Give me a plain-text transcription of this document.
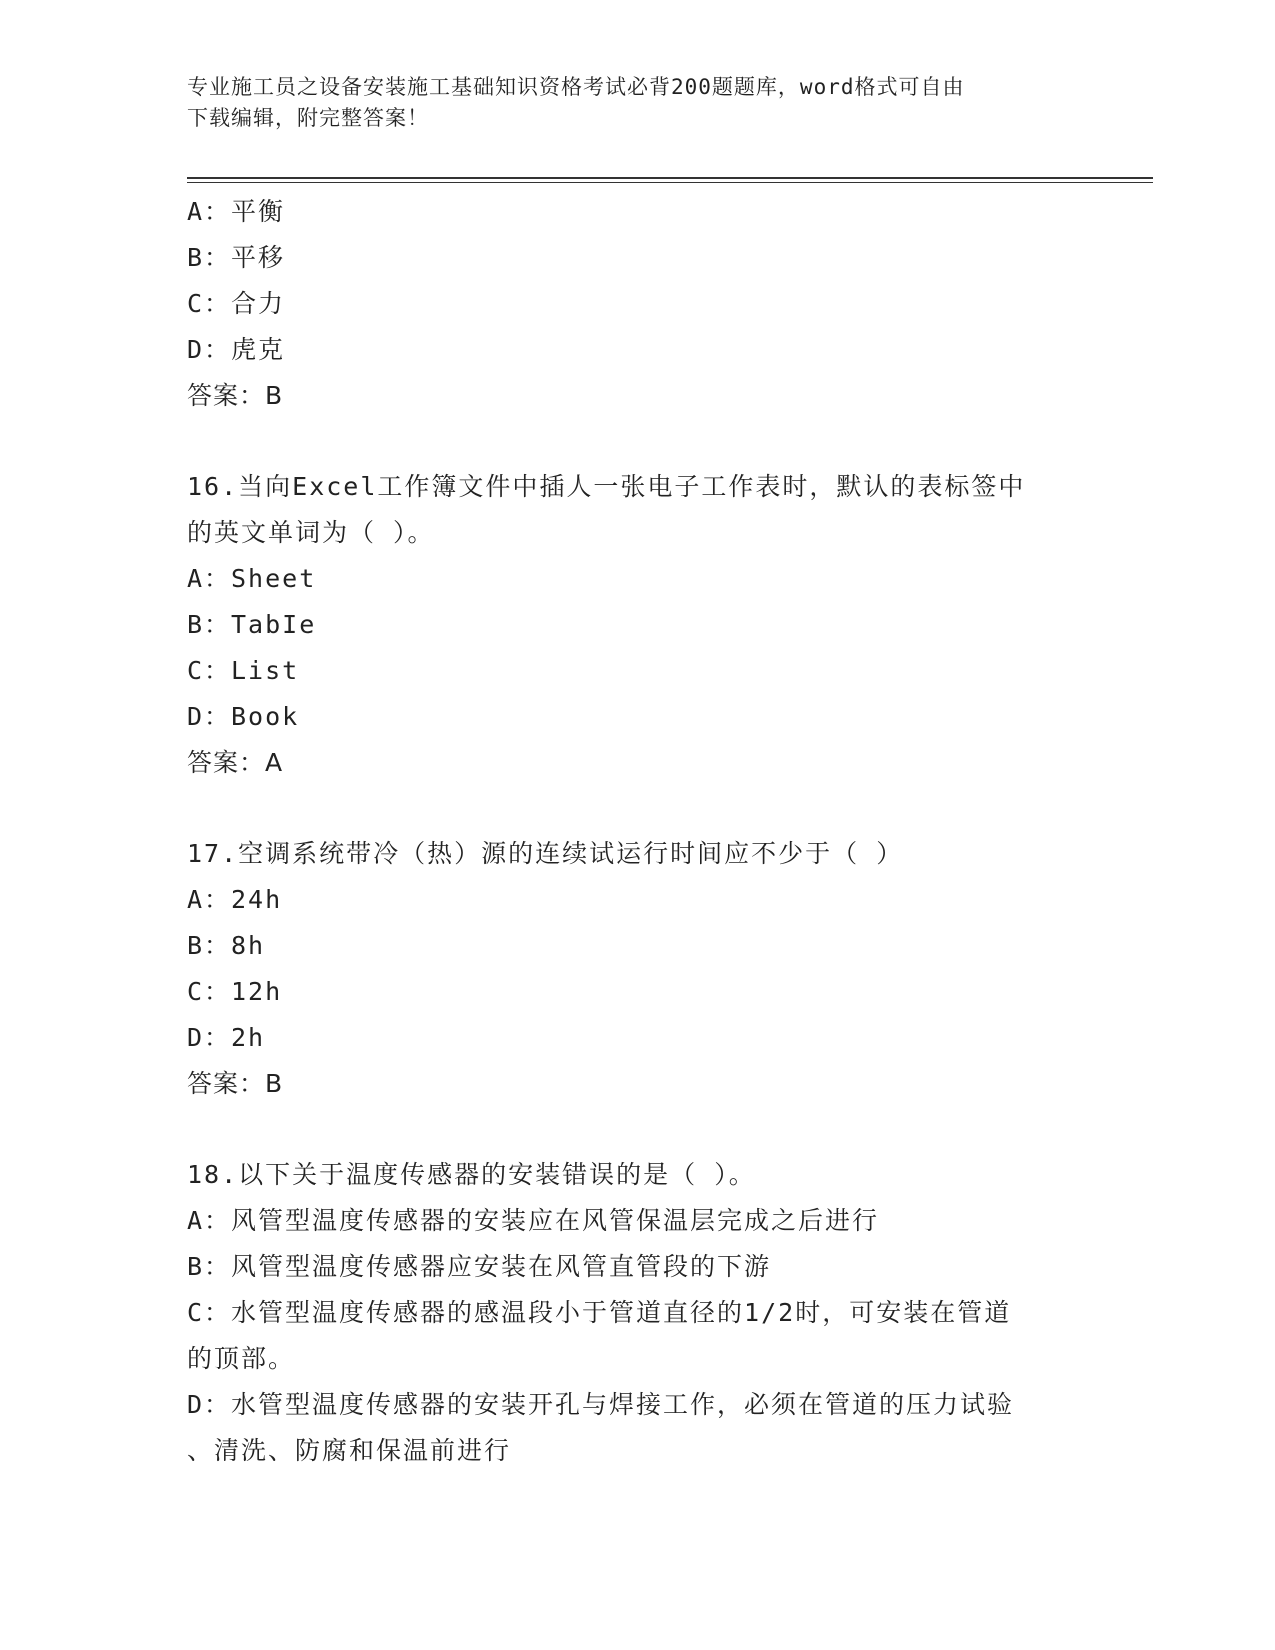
专业施工员之设备安装施工基础知识资格考试必背200题题库，word格式可自由
下载编辑，附完整答案！
A：平衡
B：平移
C：合力
D：虎克
答案：B
16.当向Excel工作簿文件中插人一张电子工作表时，默认的表标签中
的英文单词为（ ）。
A：Sheet
B：TabIe
C：List
D：Book
答案：A
17.空调系统带冷（热）源的连续试运行时间应不少于（ ）
A：24h
B：8h
C：12h
D：2h
答案：B
18.以下关于温度传感器的安装错误的是（ ）。
A：风管型温度传感器的安装应在风管保温层完成之后进行
B：风管型温度传感器应安装在风管直管段的下游
C：水管型温度传感器的感温段小于管道直径的1/2时，可安装在管道
的顶部。
D：水管型温度传感器的安装开孔与焊接工作，必须在管道的压力试验
、清洗、防腐和保温前进行
